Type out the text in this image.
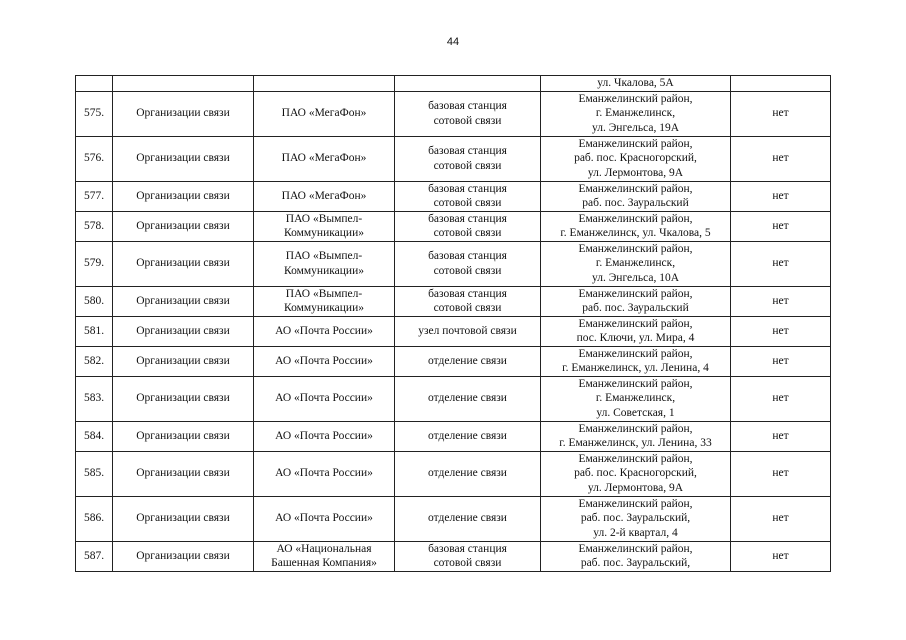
44

				ул. Чкалова, 5А	

575.	Организации связи	ПАО «МегаФон»	базовая станция
сотовой связи	Еманжелинский район,
г. Еманжелинск,
ул. Энгельса, 19А	нет
576.	Организации связи	ПАО «МегаФон»	базовая станция
сотовой связи	Еманжелинский район,
раб. пос. Красногорский,
ул. Лермонтова, 9А	нет
577.	Организации связи	ПАО «МегаФон»	базовая станция
сотовой связи	Еманжелинский район,
раб. пос. Зауральский	нет
578.	Организации связи	ПАО «Вымпел-
Коммуникации»	базовая станция
сотовой связи	Еманжелинский район,
г. Еманжелинск, ул. Чкалова, 5	нет
579.	Организации связи	ПАО «Вымпел-
Коммуникации»	базовая станция
сотовой связи	Еманжелинский район,
г. Еманжелинск,
ул. Энгельса, 10А	нет
580.	Организации связи	ПАО «Вымпел-
Коммуникации»	базовая станция
сотовой связи	Еманжелинский район,
раб. пос. Зауральский	нет
581.	Организации связи	АО «Почта России»	узел почтовой связи	Еманжелинский район,
пос. Ключи, ул. Мира, 4	нет
582.	Организации связи	АО «Почта России»	отделение связи	Еманжелинский район,
г. Еманжелинск, ул. Ленина, 4	нет
583.	Организации связи	АО «Почта России»	отделение связи	Еманжелинский район,
г. Еманжелинск,
ул. Советская, 1	нет
584.	Организации связи	АО «Почта России»	отделение связи	Еманжелинский район,
г. Еманжелинск, ул. Ленина, 33	нет
585.	Организации связи	АО «Почта России»	отделение связи	Еманжелинский район,
раб. пос. Красногорский,
ул. Лермонтова, 9А	нет
586.	Организации связи	АО «Почта России»	отделение связи	Еманжелинский район,
раб. пос. Зауральский,
ул. 2-й квартал, 4	нет
587.	Организации связи	АО «Национальная
Башенная Компания»	базовая станция
сотовой связи	Еманжелинский район,
раб. пос. Зауральский,	нет
